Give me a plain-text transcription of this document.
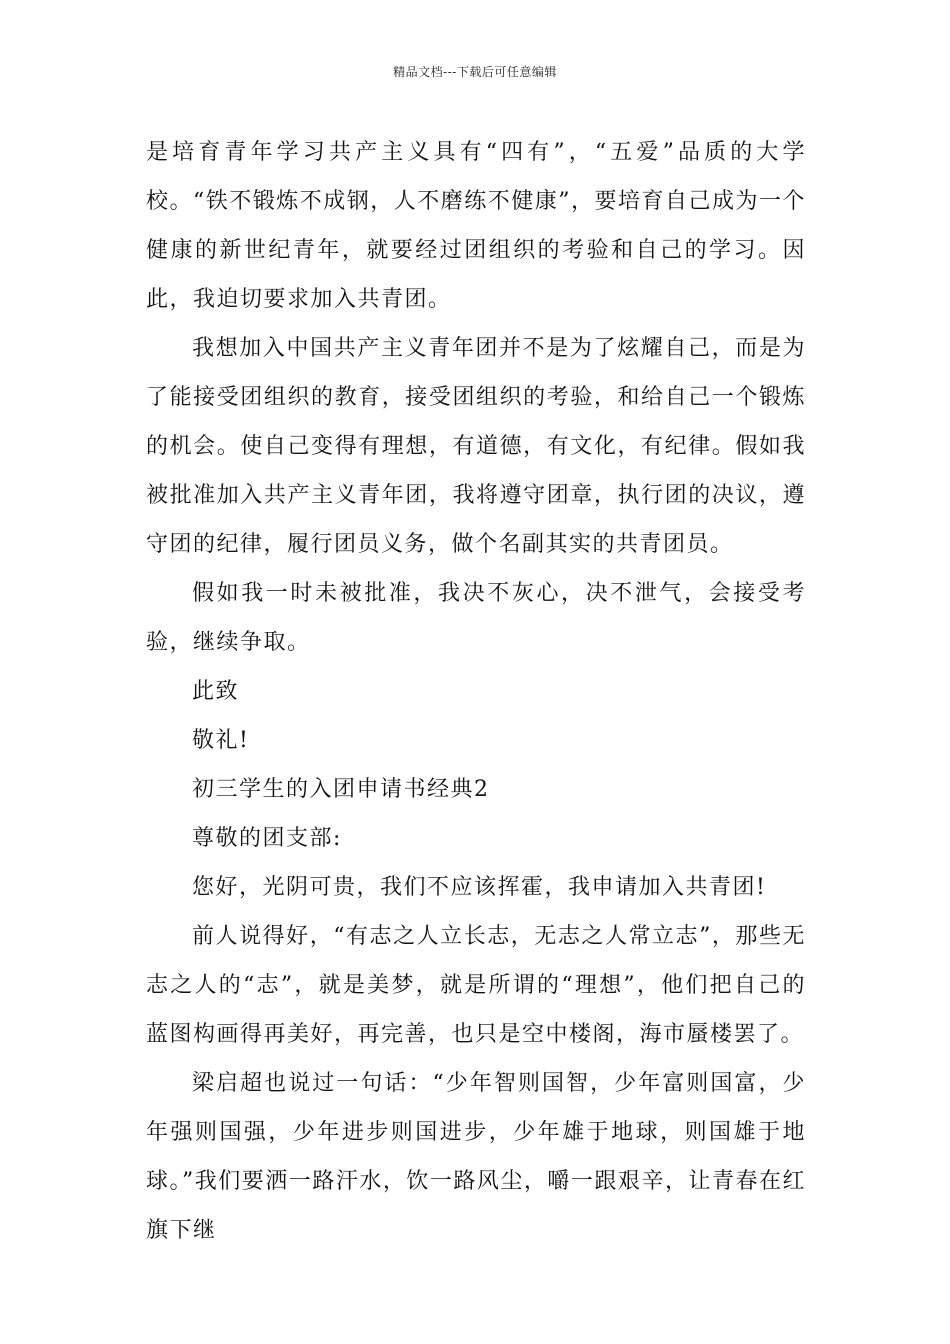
精品文档---下载后可任意编辑

是培育青年学习共产主义具有“四有”，“五爱”品质的大学校。“铁不锻炼不成钢，人不磨练不健康”，要培育自己成为一个健康的新世纪青年，就要经过团组织的考验和自己的学习。因此，我迫切要求加入共青团。

我想加入中国共产主义青年团并不是为了炫耀自己，而是为了能接受团组织的教育，接受团组织的考验，和给自己一个锻炼的机会。使自己变得有理想，有道德，有文化，有纪律。假如我被批准加入共产主义青年团，我将遵守团章，执行团的决议，遵守团的纪律，履行团员义务，做个名副其实的共青团员。

假如我一时未被批准，我决不灰心，决不泄气，会接受考验，继续争取。

此致

敬礼!

初三学生的入团申请书经典2

尊敬的团支部:

您好，光阴可贵，我们不应该挥霍，我申请加入共青团!

前人说得好，“有志之人立长志，无志之人常立志”，那些无志之人的“志”，就是美梦，就是所谓的“理想”，他们把自己的蓝图构画得再美好，再完善，也只是空中楼阁，海市蜃楼罢了。

梁启超也说过一句话：“少年智则国智，少年富则国富，少年强则国强，少年进步则国进步，少年雄于地球，则国雄于地球。”我们要洒一路汗水，饮一路风尘，嚼一跟艰辛，让青春在红旗下继
